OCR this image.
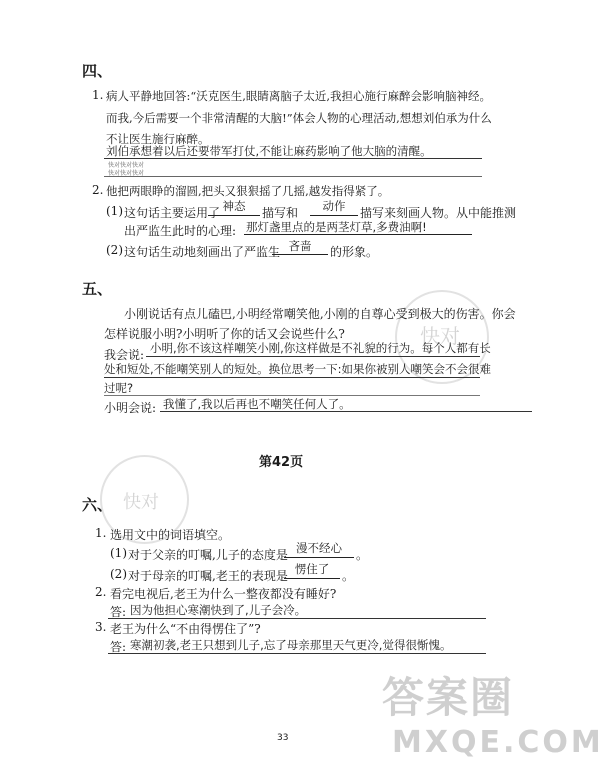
快对
快对
答案圈
MXQE.COM
四、
1. 病人平静地回答:“沃克医生,眼睛离脑子太近,我担心施行麻醉会影响脑神经。
而我,今后需要一个非常清醒的大脑!”体会人物的心理活动,想想刘伯承为什么
不让医生施行麻醉。
刘伯承想着以后还要带军打仗,不能让麻药影响了他大脑的清醒。
快对快对快对
快对快对快对
2. 他把两眼睁的溜圆,把头又狠狠摇了几摇,越发指得紧了。
(1) 这句话主要运用了 神态	描写和	动作	描写来刻画人物。从中能推测
出严监生此时的心理: 那灯盏里点的是两茎灯草,多费油啊!
(2) 这句话生动地刻画出了严监生 吝啬	的形象。
五、
小刚说话有点儿磕巴,小明经常嘲笑他,小刚的自尊心受到极大的伤害。你会
怎样说服小明?小明听了你的话又会说些什么?
我会说: 小明,你不该这样嘲笑小刚,你这样做是不礼貌的行为。每个人都有长
处和短处,不能嘲笑别人的短处。换位思考一下:如果你被别人嘲笑会不会很难
过呢?
小明会说: 我懂了,我以后再也不嘲笑任何人了。
第42页
六、
1. 选用文中的词语填空。
(1) 对于父亲的叮嘱,儿子的态度是 漫不经心	。
(2) 对于母亲的叮嘱,老王的表现是 愣住了	。
2. 看完电视后,老王为什么一整夜都没有睡好?
答: 因为他担心寒潮快到了,儿子会冷。
3. 老王为什么“不由得愣住了”?
答: 寒潮初袭,老王只想到儿子,忘了母亲那里天气更冷,觉得很惭愧。
33
